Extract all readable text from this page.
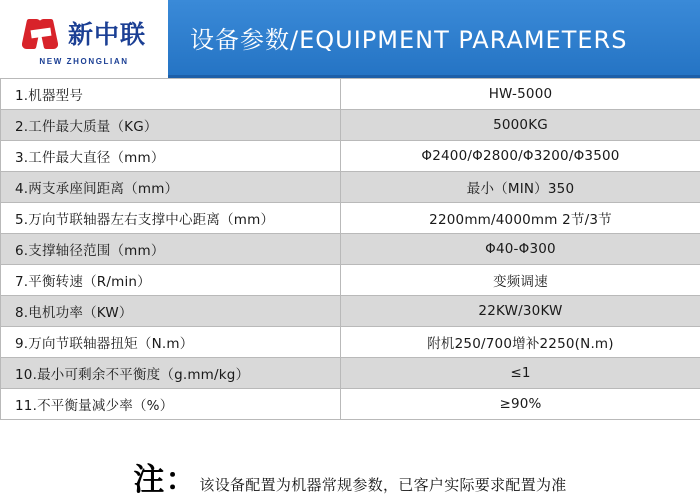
新中联
NEW ZHONGLIAN
设备参数/EQUIPMENT PARAMETERS
1.机器型号	HW-5000
2.工件最大质量（KG）	5000KG
3.工件最大直径（mm）	Φ2400/Φ2800/Φ3200/Φ3500
4.两支承座间距离（mm）	最小（MIN）350
5.万向节联轴器左右支撑中心距离（mm）	2200mm/4000mm 2节/3节
6.支撑轴径范围（mm）	Φ40-Φ300
7.平衡转速（R/min）	变频调速
8.电机功率（KW）	22KW/30KW
9.万向节联轴器扭矩（N.m）	附机250/700增补2250(N.m)
10.最小可剩余不平衡度（g.mm/kg）	≤1
11.不平衡量减少率（%）	≥90%
注： 该设备配置为机器常规参数，已客户实际要求配置为准
